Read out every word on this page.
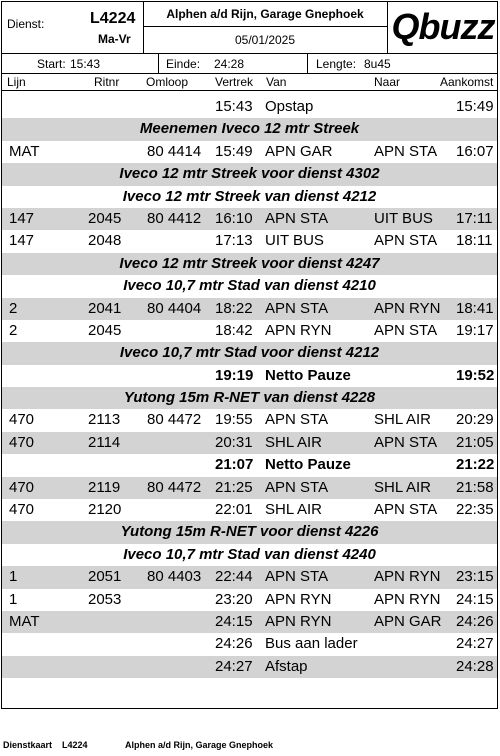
Dienst:	L4224
Ma-Vr
Alphen a/d Rijn, Garage Gnephoek
05/01/2025	Qbuzz
Start: 15:43	Einde: 24:28	Lengte: 8u45
Lijn	Ritnr Omloop Vertrek Van	Naar	Aankomst
15:43 Opstap	15:49
Meenemen Iveco 12 mtr Streek
MAT	80 4414 15:49 APN GAR	APN STA 16:07
Iveco 12 mtr Streek voor dienst 4302
Iveco 12 mtr Streek van dienst 4212
147	2045 80 4412 16:10 APN STA	UIT BUS 17:11
147	2048	17:13 UIT BUS	APN STA 18:11
Iveco 12 mtr Streek voor dienst 4247
Iveco 10,7 mtr Stad van dienst 4210
2	2041 80 4404 18:22 APN STA	APN RYN 18:41
2	2045	18:42 APN RYN	APN STA 19:17
Iveco 10,7 mtr Stad voor dienst 4212
19:19 Netto Pauze	19:52
Yutong 15m R-NET van dienst 4228
470	2113 80 4472 19:55 APN STA	SHL AIR 20:29
470	2114	20:31 SHL AIR	APN STA 21:05
21:07 Netto Pauze	21:22
470	2119 80 4472 21:25 APN STA	SHL AIR 21:58
470	2120	22:01 SHL AIR	APN STA 22:35
Yutong 15m R-NET voor dienst 4226
Iveco 10,7 mtr Stad van dienst 4240
1	2051 80 4403 22:44 APN STA	APN RYN 23:15
1	2053	23:20 APN RYN	APN RYN 24:15
MAT	24:15 APN RYN	APN GAR 24:26
24:26 Bus aan lader	24:27
24:27 Afstap	24:28
Dienstkaart L4224	Alphen a/d Rijn, Garage Gnephoek
